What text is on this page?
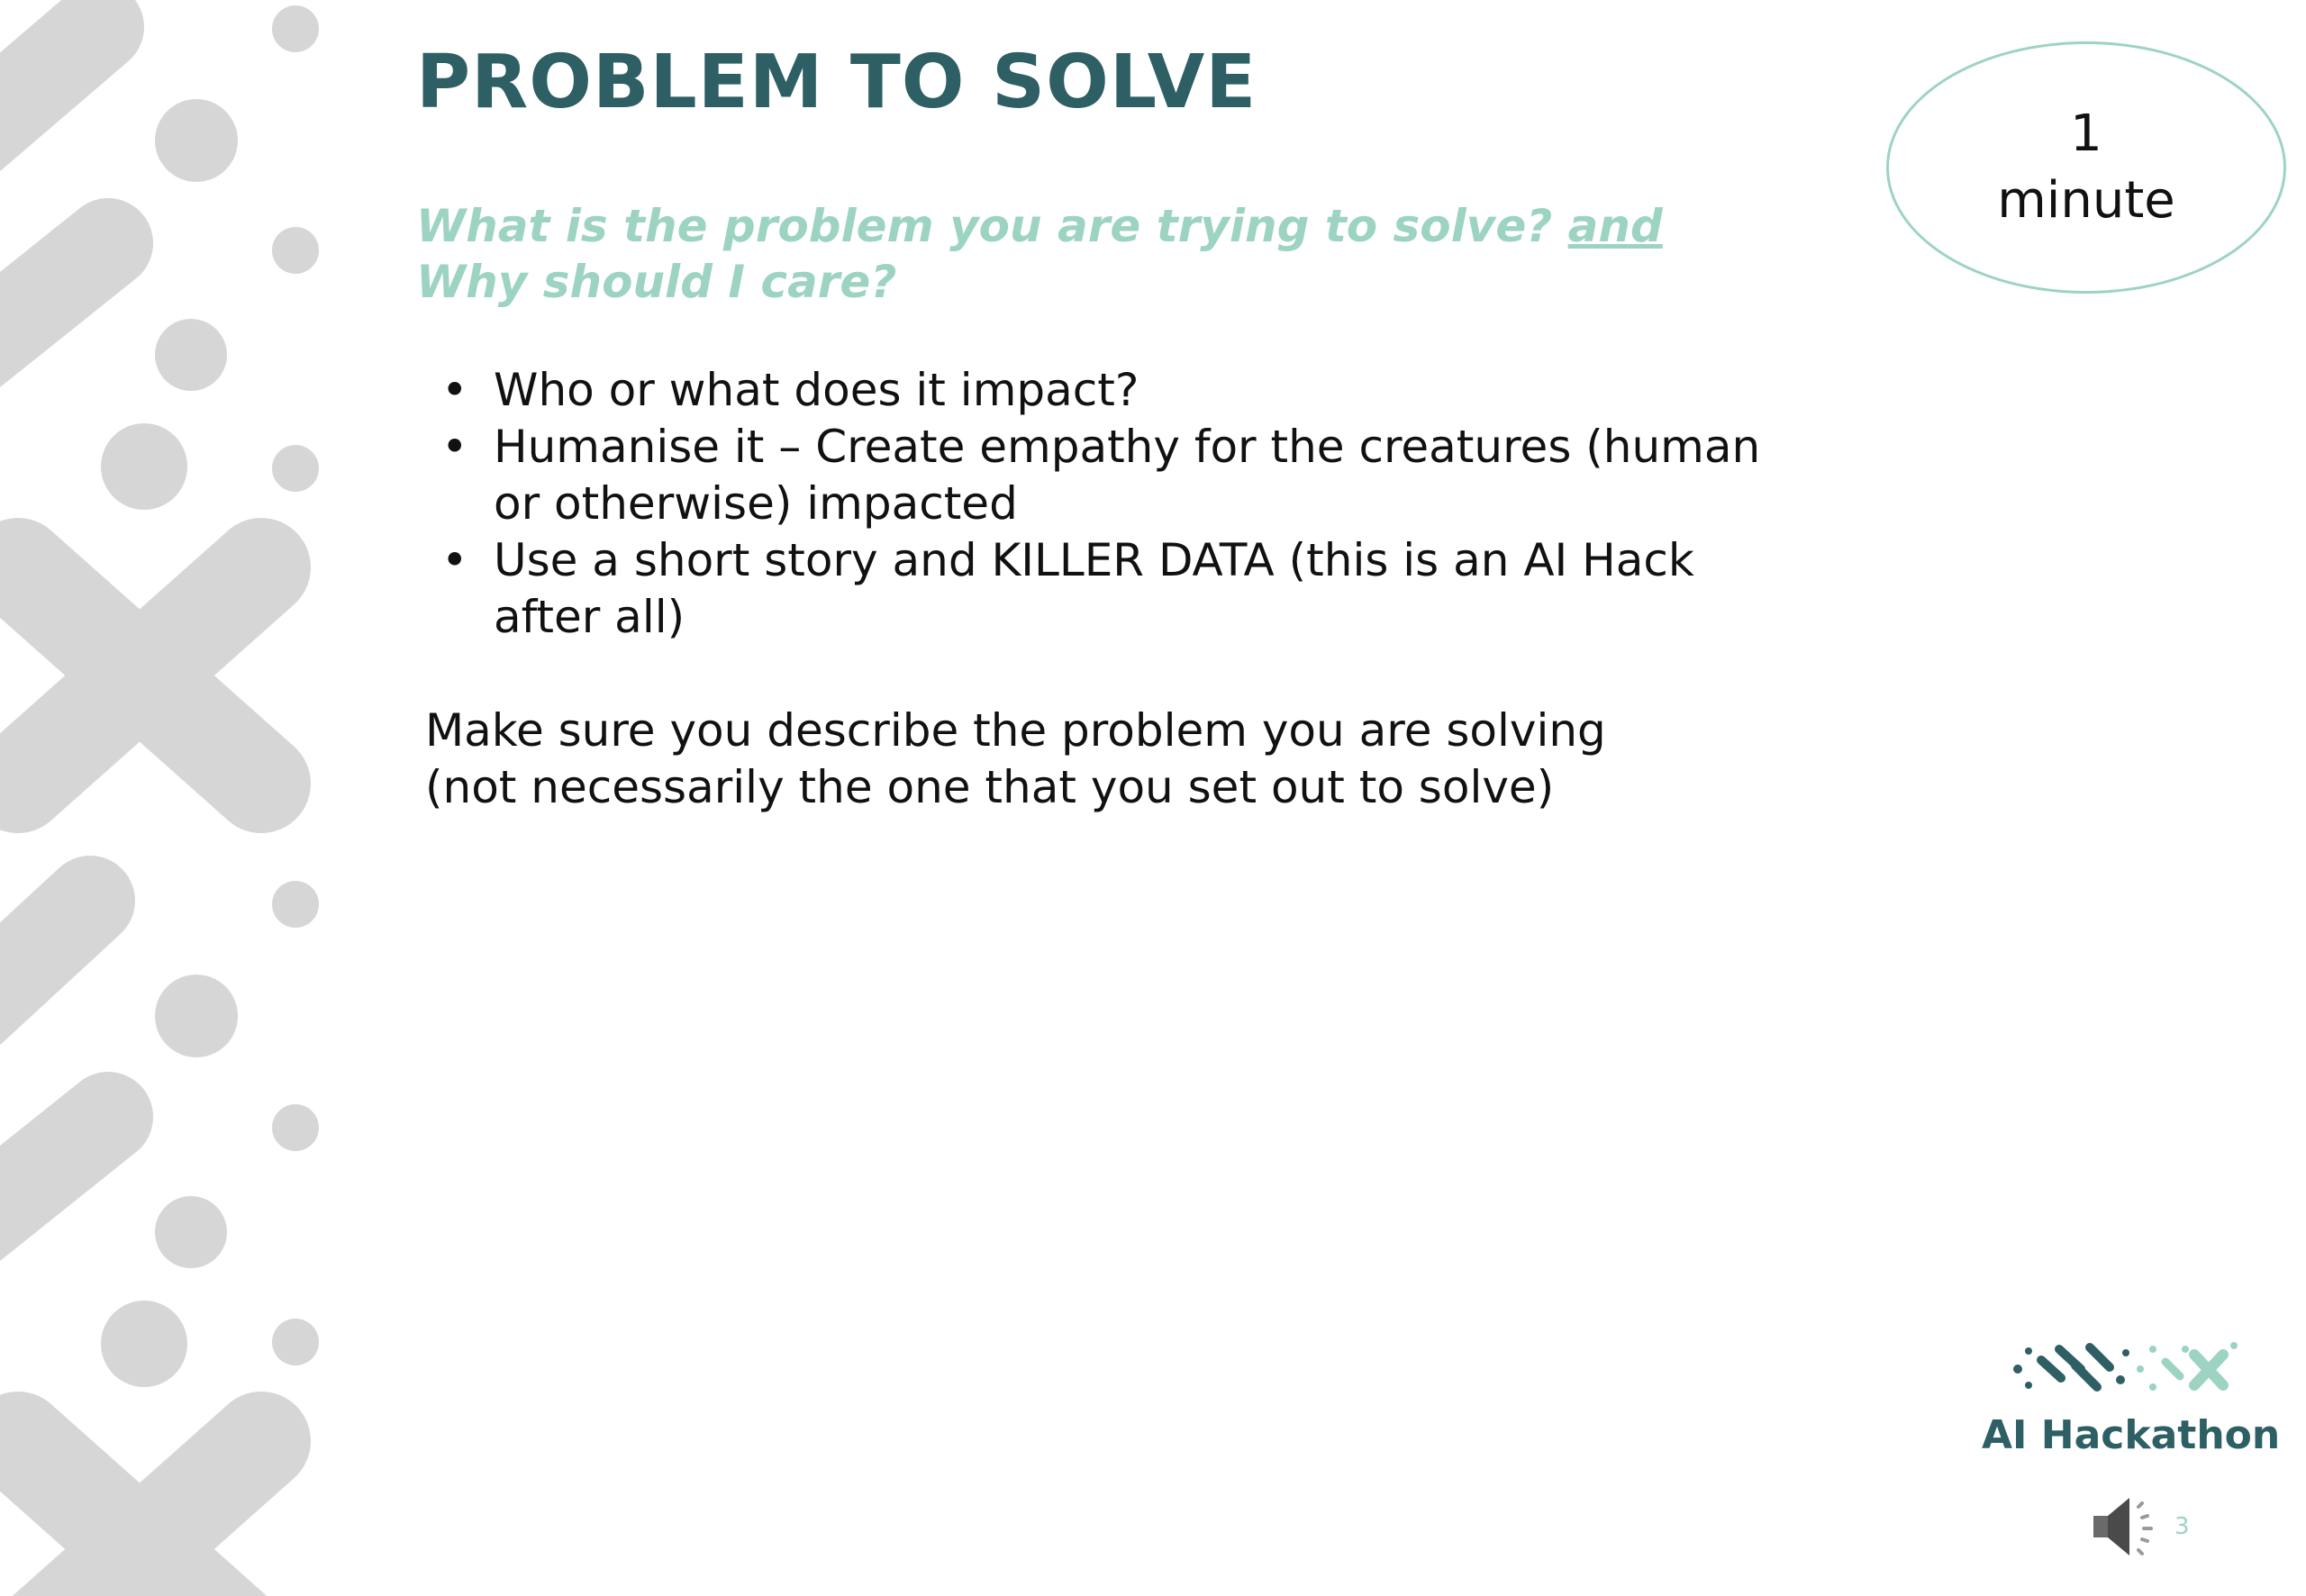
PROBLEM TO SOLVE
What is the problem you are trying to solve? and
Why should I care?
• Who or what does it impact?
• Humanise it – Create empathy for the creatures (human
or otherwise) impacted
• Use a short story and KILLER DATA (this is an AI Hack
after all)
Make sure you describe the problem you are solving
(not necessarily the one that you set out to solve)
1
minute
AI Hackathon
3
